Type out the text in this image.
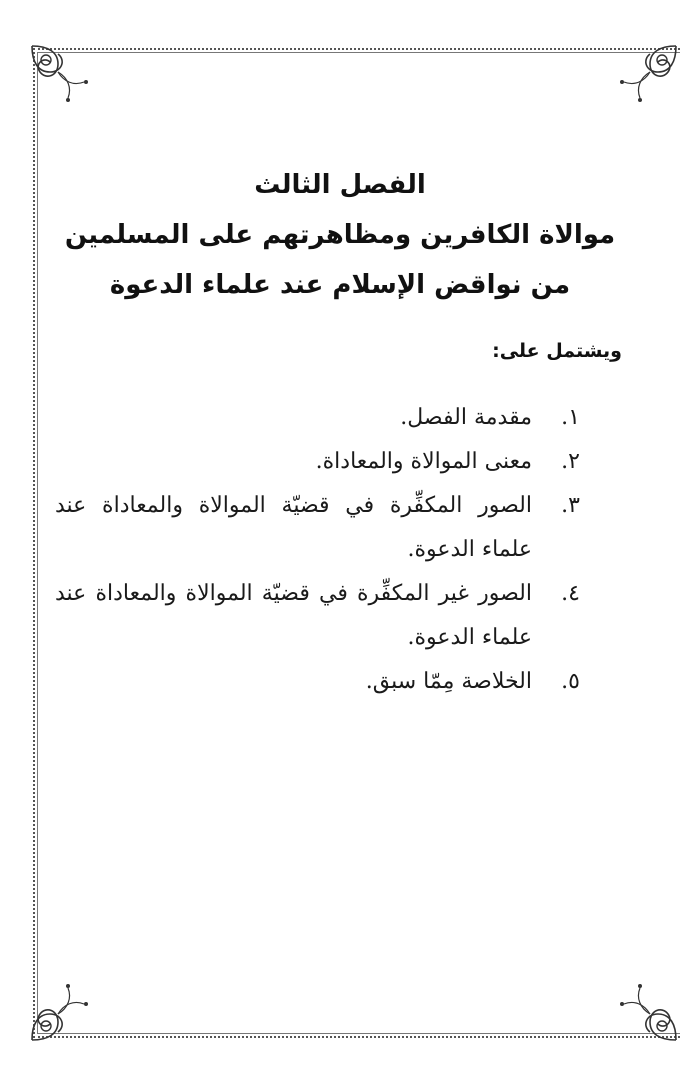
الفصل الثالث
موالاة الكافرين ومظاهرتهم على المسلمين
من نواقض الإسلام عند علماء الدعوة
ويشتمل على:
١.
مقدمة الفصل.
٢.
معنى الموالاة والمعاداة.
٣.
الصور المكفِّرة في قضيّة الموالاة والمعاداة عند علماء الدعوة.
٤.
الصور غير المكفِّرة في قضيّة الموالاة والمعاداة عند علماء الدعوة.
٥.
الخلاصة مِمّا سبق.
